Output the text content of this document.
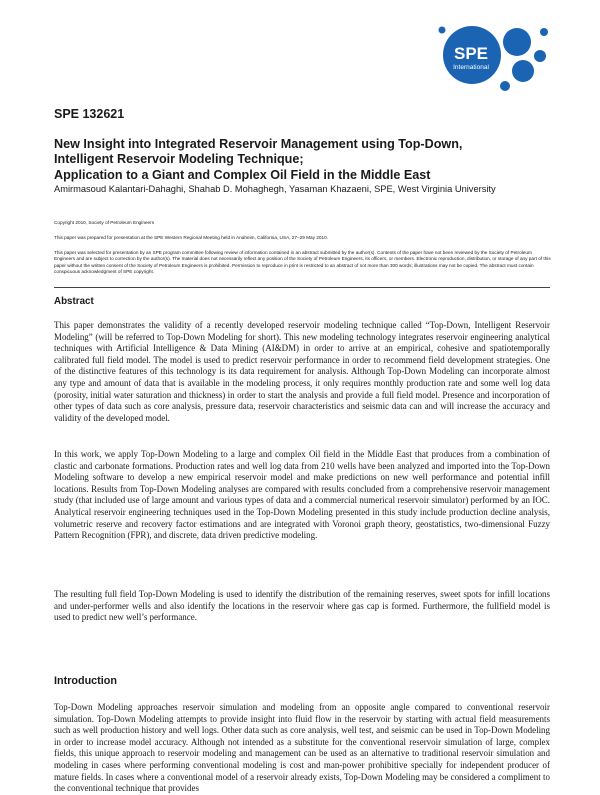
SPE
International

SPE 132621

New Insight into Integrated Reservoir Management using Top-Down,
Intelligent Reservoir Modeling Technique;
Application to a Giant and Complex Oil Field in the Middle East

Amirmasoud Kalantari-Dahaghi, Shahab D. Mohaghegh, Yasaman Khazaeni, SPE, West Virginia University

Copyright 2010, Society of Petroleum Engineers

This paper was prepared for presentation at the SPE Western Regional Meeting held in Anaheim, California, USA, 27–29 May 2010.

This paper was selected for presentation by an SPE program committee following review of information contained in an abstract submitted by the author(s). Contents of the paper have not been reviewed by the Society of Petroleum Engineers and are subject to correction by the author(s). The material does not necessarily reflect any position of the Society of Petroleum Engineers, its officers, or members. Electronic reproduction, distribution, or storage of any part of this paper without the written consent of the Society of Petroleum Engineers is prohibited. Permission to reproduce in print is restricted to an abstract of not more than 300 words; illustrations may not be copied. The abstract must contain conspicuous acknowledgment of SPE copyright.

Abstract

This paper demonstrates the validity of a recently developed reservoir modeling technique called “Top-Down, Intelligent Reservoir Modeling” (will be referred to Top-Down Modeling for short). This new modeling technology integrates reservoir engineering analytical techniques with Artificial Intelligence & Data Mining (AI&DM) in order to arrive at an empirical, cohesive and spatiotemporally calibrated full field model. The model is used to predict reservoir performance in order to recommend field development strategies. One of the distinctive features of this technology is its data requirement for analysis. Although Top-Down Modeling can incorporate almost any type and amount of data that is available in the modeling process, it only requires monthly production rate and some well log data (porosity, initial water saturation and thickness) in order to start the analysis and provide a full field model. Presence and incorporation of other types of data such as core analysis, pressure data, reservoir characteristics and seismic data can and will increase the accuracy and validity of the developed model.

In this work, we apply Top-Down Modeling to a large and complex Oil field in the Middle East that produces from a combination of clastic and carbonate formations. Production rates and well log data from 210 wells have been analyzed and imported into the Top-Down Modeling software to develop a new empirical reservoir model and make predictions on new well performance and potential infill locations. Results from Top-Down Modeling analyses are compared with results concluded from a comprehensive reservoir management study (that included use of large amount and various types of data and a commercial numerical reservoir simulator) performed by an IOC. Analytical reservoir engineering techniques used in the Top-Down Modeling presented in this study include production decline analysis, volumetric reserve and recovery factor estimations and are integrated with Voronoi graph theory, geostatistics, two-dimensional Fuzzy Pattern Recognition (FPR), and discrete, data driven predictive modeling.

The resulting full field Top-Down Modeling is used to identify the distribution of the remaining reserves, sweet spots for infill locations and under-performer wells and also identify the locations in the reservoir where gas cap is formed. Furthermore, the fullfield model is used to predict new well’s performance.

Introduction

Top-Down Modeling approaches reservoir simulation and modeling from an opposite angle compared to conventional reservoir simulation. Top-Down Modeling attempts to provide insight into fluid flow in the reservoir by starting with actual field measurements such as well production history and well logs. Other data such as core analysis, well test, and seismic can be used in Top-Down Modeling in order to increase model accuracy. Although not intended as a substitute for the conventional reservoir simulation of large, complex fields, this unique approach to reservoir modeling and management can be used as an alternative to traditional reservoir simulation and modeling in cases where performing conventional modeling is cost and man-power prohibitive specially for independent producer of mature fields. In cases where a conventional model of a reservoir already exists, Top-Down Modeling may be considered a compliment to the conventional technique that provides
